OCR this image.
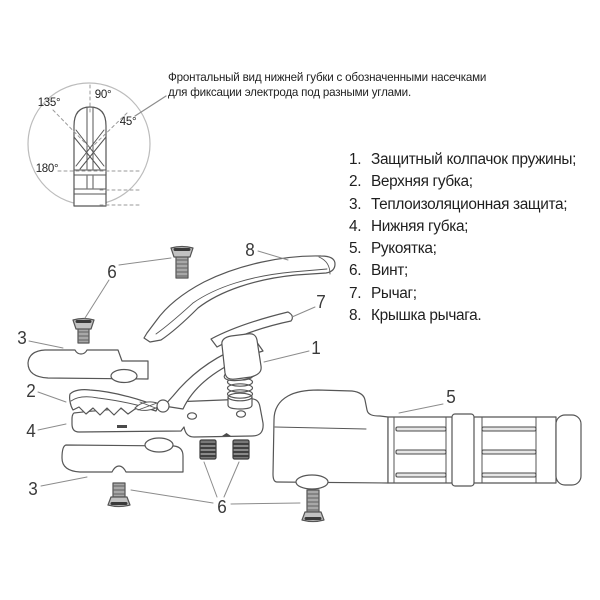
Фронтальный вид нижней губки с обозначенными насечками
для фиксации электрода под разными углами.
90°
135°
45°
180°
1. Защитный колпачок пружины;
2. Верхняя губка;
3. Теплоизоляционная защита;
4. Нижняя губка;
5. Рукоятка;
6. Винт;
7. Рычаг;
8. Крышка рычага.
8
6
3
2
4
3
6
7
1
5
